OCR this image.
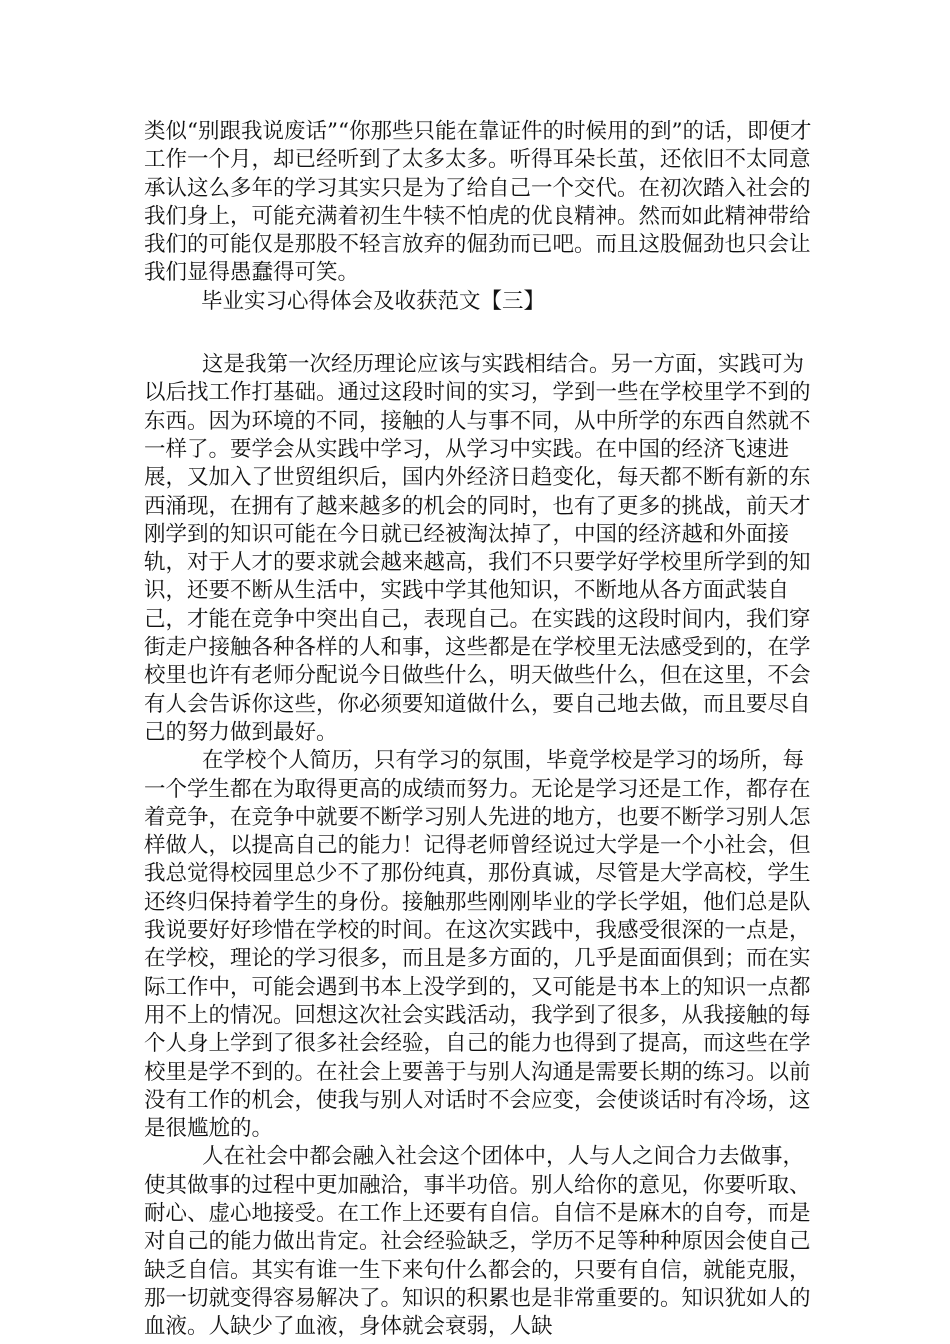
类似“别跟我说废话”“你那些只能在靠证件的时候用的到”的话，即便才工作一个月，却已经听到了太多太多。听得耳朵长茧，还依旧不太同意承认这么多年的学习其实只是为了给自己一个交代。在初次踏入社会的我们身上，可能充满着初生牛犊不怕虎的优良精神。然而如此精神带给我们的可能仅是那股不轻言放弃的倔劲而已吧。而且这股倔劲也只会让我们显得愚蠢得可笑。

毕业实习心得体会及收获范文【三】

这是我第一次经历理论应该与实践相结合。另一方面，实践可为以后找工作打基础。通过这段时间的实习，学到一些在学校里学不到的东西。因为环境的不同，接触的人与事不同，从中所学的东西自然就不一样了。要学会从实践中学习，从学习中实践。在中国的经济飞速进展，又加入了世贸组织后，国内外经济日趋变化，每天都不断有新的东西涌现，在拥有了越来越多的机会的同时，也有了更多的挑战，前天才刚学到的知识可能在今日就已经被淘汰掉了，中国的经济越和外面接轨，对于人才的要求就会越来越高，我们不只要学好学校里所学到的知识，还要不断从生活中，实践中学其他知识，不断地从各方面武装自己，才能在竞争中突出自己，表现自己。在实践的这段时间内，我们穿街走户接触各种各样的人和事，这些都是在学校里无法感受到的，在学校里也许有老师分配说今日做些什么，明天做些什么，但在这里，不会有人会告诉你这些，你必须要知道做什么，要自己地去做，而且要尽自己的努力做到最好。

在学校个人简历，只有学习的氛围，毕竟学校是学习的场所，每一个学生都在为取得更高的成绩而努力。无论是学习还是工作，都存在着竞争，在竞争中就要不断学习别人先进的地方，也要不断学习别人怎样做人，以提高自己的能力！记得老师曾经说过大学是一个小社会，但我总觉得校园里总少不了那份纯真，那份真诚，尽管是大学高校，学生还终归保持着学生的身份。接触那些刚刚毕业的学长学姐，他们总是队我说要好好珍惜在学校的时间。在这次实践中，我感受很深的一点是，在学校，理论的学习很多，而且是多方面的，几乎是面面俱到；而在实际工作中，可能会遇到书本上没学到的，又可能是书本上的知识一点都用不上的情况。回想这次社会实践活动，我学到了很多，从我接触的每个人身上学到了很多社会经验，自己的能力也得到了提高，而这些在学校里是学不到的。在社会上要善于与别人沟通是需要长期的练习。以前没有工作的机会，使我与别人对话时不会应变，会使谈话时有冷场，这是很尴尬的。

人在社会中都会融入社会这个团体中，人与人之间合力去做事，使其做事的过程中更加融洽，事半功倍。别人给你的意见，你要听取、耐心、虚心地接受。在工作上还要有自信。自信不是麻木的自夸，而是对自己的能力做出肯定。社会经验缺乏，学历不足等种种原因会使自己缺乏自信。其实有谁一生下来句什么都会的，只要有自信，就能克服，那一切就变得容易解决了。知识的积累也是非常重要的。知识犹如人的血液。人缺少了血液，身体就会衰弱，人缺
